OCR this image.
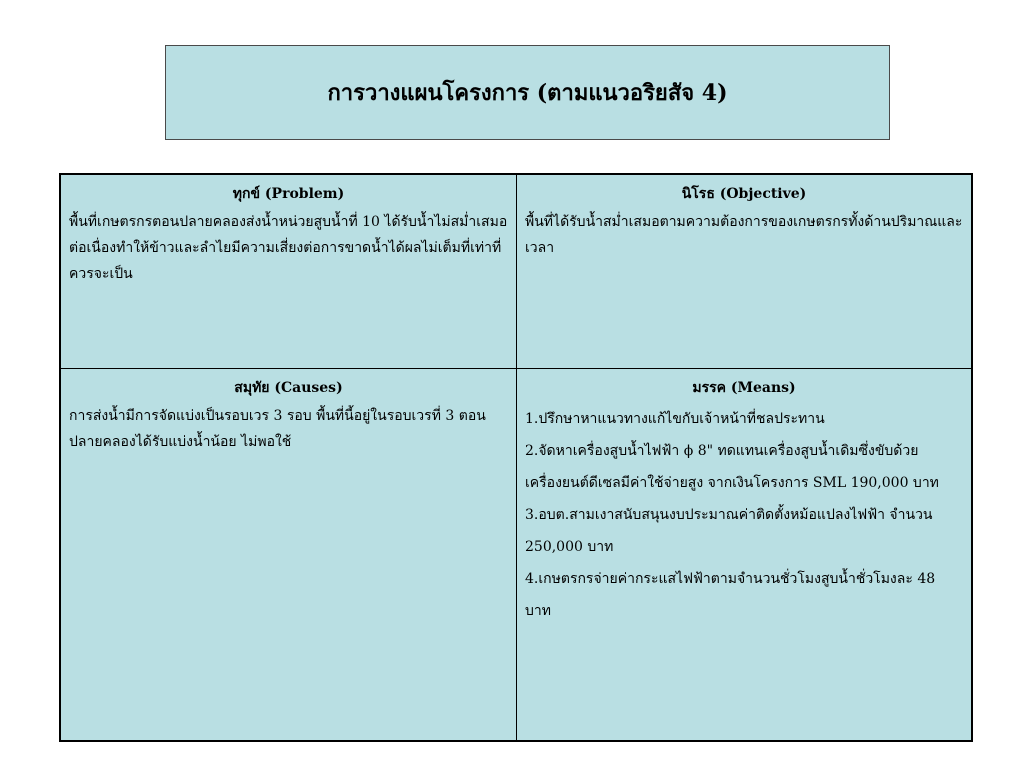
การวางแผนโครงการ (ตามแนวอริยสัจ 4)
ทุกข์ (Problem)
พื้นที่เกษตรกรตอนปลายคลองส่งน้ำหน่วยสูบน้ำที่ 10 ได้รับน้ำไม่สม่ำเสมอต่อเนื่องทำให้ข้าวและลำไยมีความเสี่ยงต่อการขาดน้ำได้ผลไม่เต็มที่เท่าที่ควรจะเป็น
นิโรธ (Objective)
พื้นที่ได้รับน้ำสม่ำเสมอตามความต้องการของเกษตรกรทั้งด้านปริมาณและเวลา
สมุทัย (Causes)
การส่งน้ำมีการจัดแบ่งเป็นรอบเวร 3 รอบ พื้นที่นี้อยู่ในรอบเวรที่ 3 ตอนปลายคลองได้รับแบ่งน้ำน้อย ไม่พอใช้
มรรค (Means)
1.ปรึกษาหาแนวทางแก้ไขกับเจ้าหน้าที่ชลประทาน
2.จัดหาเครื่องสูบน้ำไฟฟ้า ϕ 8" ทดแทนเครื่องสูบน้ำเดิมซึ่งขับด้วยเครื่องยนต์ดีเซลมีค่าใช้จ่ายสูง จากเงินโครงการ SML 190,000 บาท
3.อบต.สามเงาสนับสนุนงบประมาณค่าติดตั้งหม้อแปลงไฟฟ้า จำนวน 250,000 บาท
4.เกษตรกรจ่ายค่ากระแสไฟฟ้าตามจำนวนชั่วโมงสูบน้ำชั่วโมงละ 48 บาท
